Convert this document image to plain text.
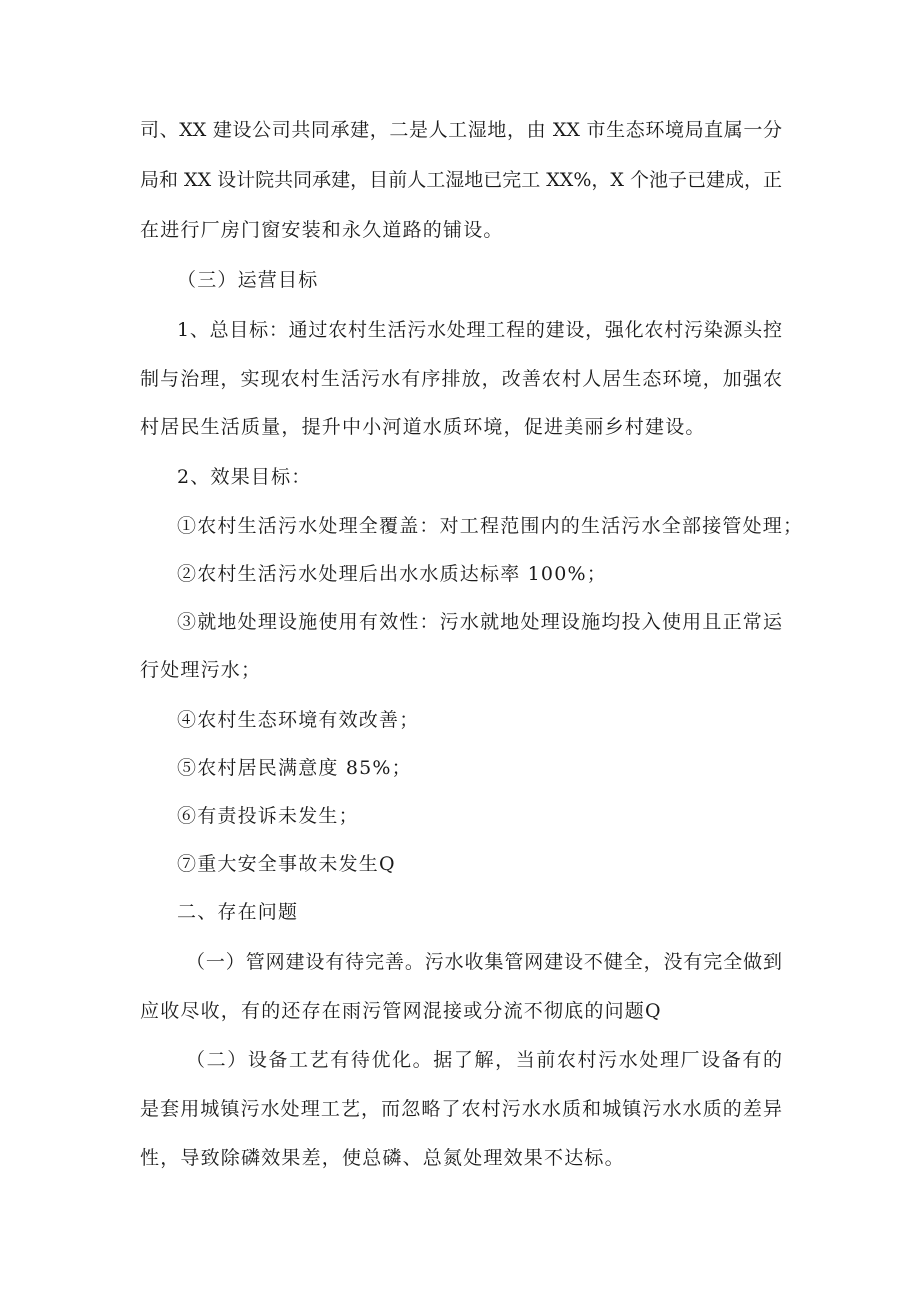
司、XX 建设公司共同承建，二是人工湿地，由 XX 市生态环境局直属一分
局和 XX 设计院共同承建，目前人工湿地已完工 XX%，X 个池子已建成，正
在进行厂房门窗安装和永久道路的铺设。
（三）运营目标
1、总目标：通过农村生活污水处理工程的建设，强化农村污染源头控
制与治理，实现农村生活污水有序排放，改善农村人居生态环境，加强农
村居民生活质量，提升中小河道水质环境，促进美丽乡村建设。
2、效果目标：
①农村生活污水处理全覆盖：对工程范围内的生活污水全部接管处理；
②农村生活污水处理后出水水质达标率 100%；
③就地处理设施使用有效性：污水就地处理设施均投入使用且正常运
行处理污水；
④农村生态环境有效改善；
⑤农村居民满意度 85%；
⑥有责投诉未发生；
⑦重大安全事故未发生Q
二、存在问题
（一）管网建设有待完善。污水收集管网建设不健全，没有完全做到
应收尽收，有的还存在雨污管网混接或分流不彻底的问题Q
（二）设备工艺有待优化。据了解，当前农村污水处理厂设备有的
是套用城镇污水处理工艺，而忽略了农村污水水质和城镇污水水质的差异
性，导致除磷效果差，使总磷、总氮处理效果不达标。
